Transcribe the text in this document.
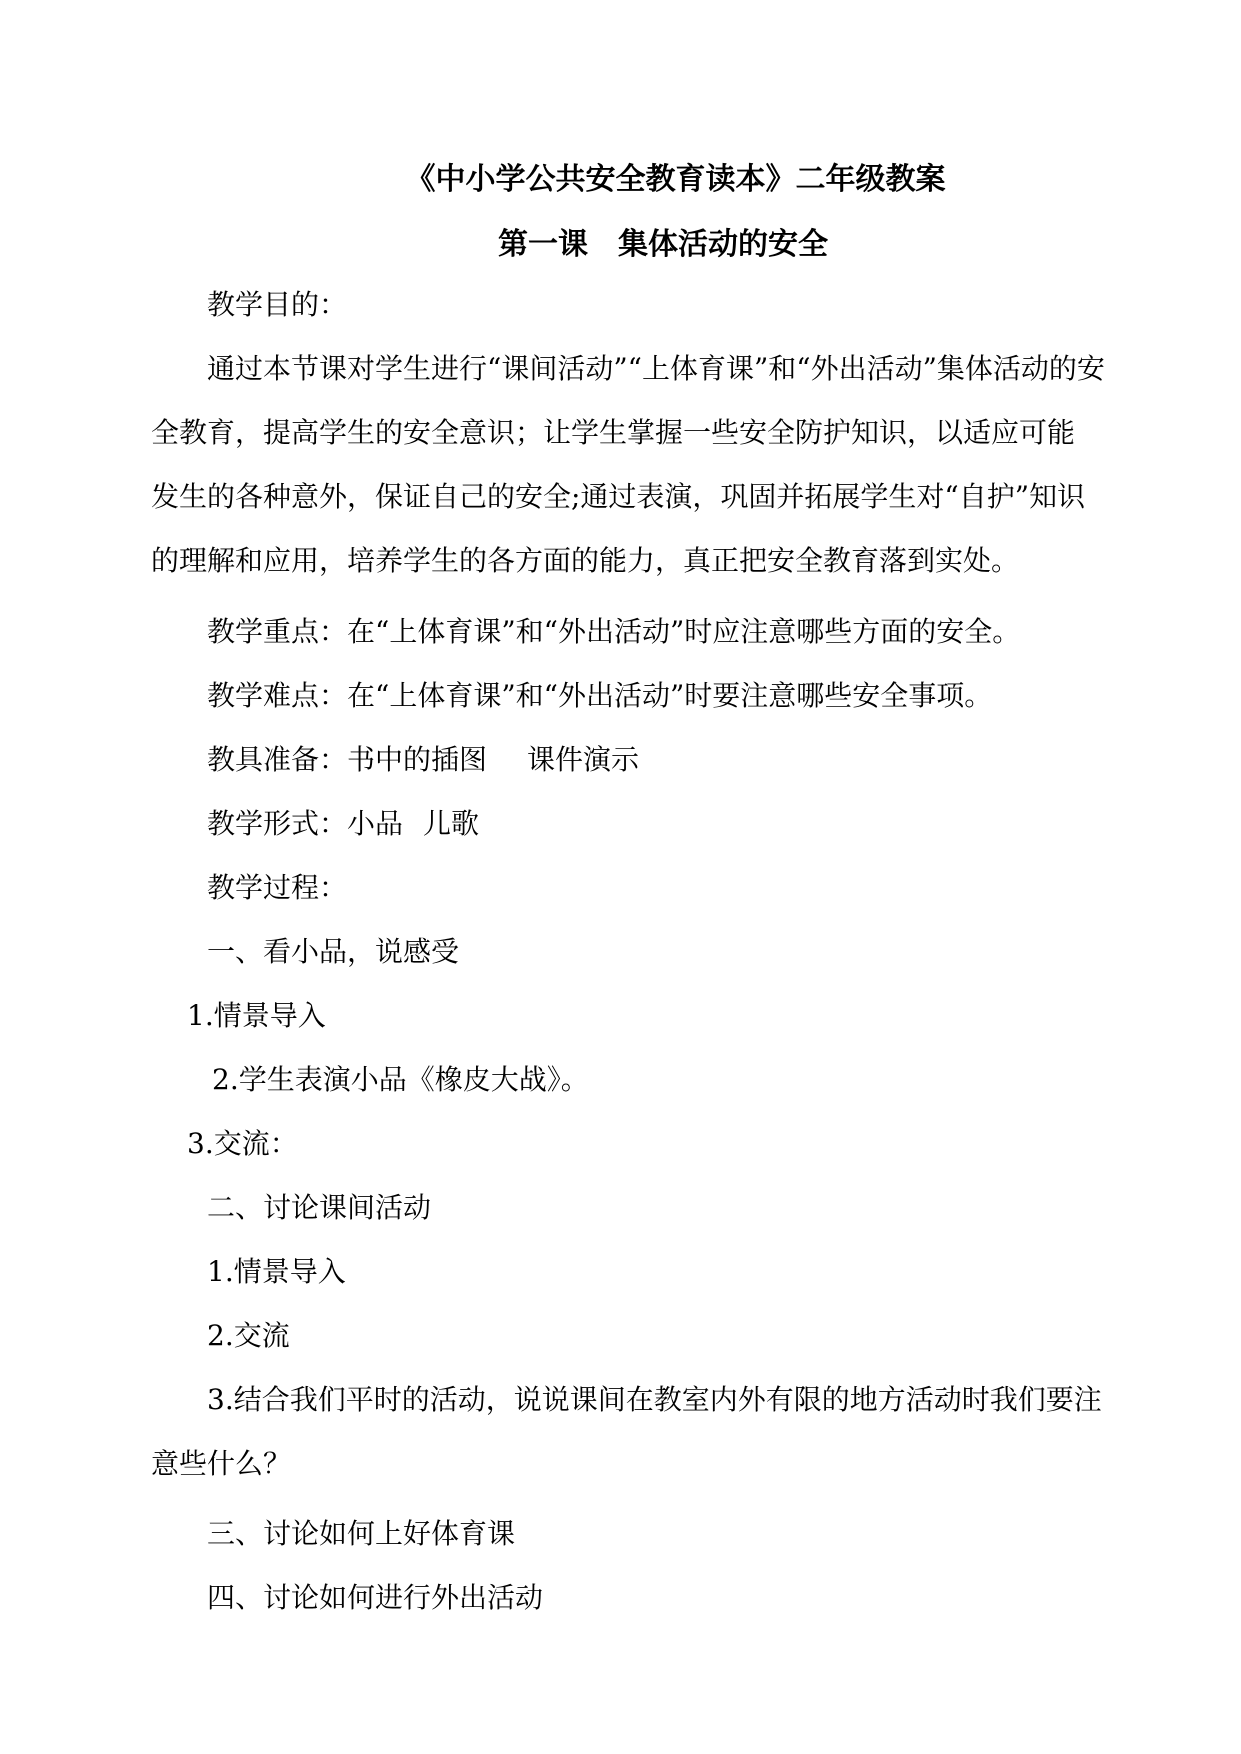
《中小学公共安全教育读本》二年级教案
第一课 集体活动的安全
教学目的：
通过本节课对学生进行“课间活动”“上体育课”和“外出活动”集体活动的安
全教育，提高学生的安全意识；让学生掌握一些安全防护知识，以适应可能
发生的各种意外，保证自己的安全;通过表演，巩固并拓展学生对“自护”知识
的理解和应用，培养学生的各方面的能力，真正把安全教育落到实处。
教学重点：在“上体育课”和“外出活动”时应注意哪些方面的安全。
教学难点：在“上体育课”和“外出活动”时要注意哪些安全事项。
教具准备：书中的插图 课件演示
教学形式：小品 儿歌
教学过程：
一、看小品，说感受
1.情景导入
2.学生表演小品《橡皮大战》。
3.交流：
二、讨论课间活动
1.情景导入
2.交流
3.结合我们平时的活动，说说课间在教室内外有限的地方活动时我们要注
意些什么？
三、讨论如何上好体育课
四、讨论如何进行外出活动
